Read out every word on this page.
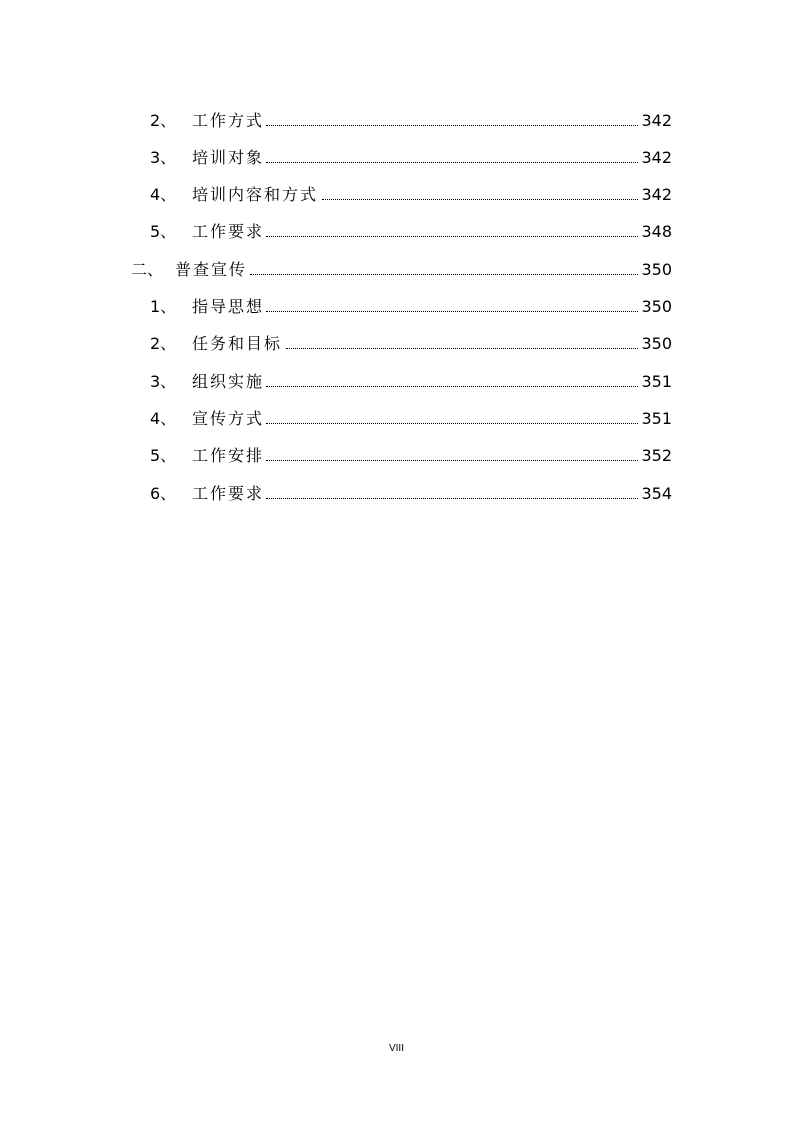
2、 工作方式	342
3、 培训对象	342
4、 培训内容和方式	342
5、 工作要求	348
二、 普查宣传	350
1、 指导思想	350
2、 任务和目标	350
3、 组织实施	351
4、 宣传方式	351
5、 工作安排	352
6、 工作要求	354
VIII
